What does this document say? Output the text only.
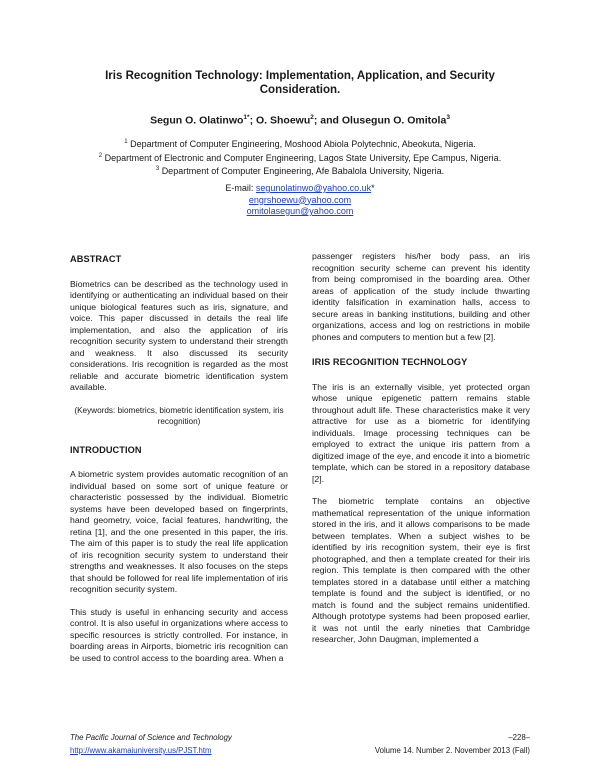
Iris Recognition Technology: Implementation, Application, and Security Consideration.
Segun O. Olatinwo$^{1*}$; O. Shoewu$^2$; and Olusegun O. Omitola$^3$
$^1$ Department of Computer Engineering, Moshood Abiola Polytechnic, Abeokuta, Nigeria.
$^2$ Department of Electronic and Computer Engineering, Lagos State University, Epe Campus, Nigeria.
$^3$ Department of Computer Engineering, Afe Babalola University, Nigeria.
E-mail: segunolatinwo@yahoo.co.uk*
engrshoewu@yahoo.com
omitolasegun@yahoo.com
ABSTRACT

Biometrics can be described as the technology used in identifying or authenticating an individual based on their unique biological features such as iris, signature, and voice. This paper discussed in details the real life implementation, and also the application of iris recognition security system to understand their strength and weakness. It also discussed its security considerations. Iris recognition is regarded as the most reliable and accurate biometric identification system available.

(Keywords: biometrics, biometric identification system, iris recognition)
INTRODUCTION

A biometric system provides automatic recognition of an individual based on some sort of unique feature or characteristic possessed by the individual. Biometric systems have been developed based on fingerprints, hand geometry, voice, facial features, handwriting, the retina [1], and the one presented in this paper, the iris. The aim of this paper is to study the real life application of iris recognition security system to understand their strengths and weaknesses. It also focuses on the steps that should be followed for real life implementation of iris recognition security system.

This study is useful in enhancing security and access control. It is also useful in organizations where access to specific resources is strictly controlled. For instance, in boarding areas in Airports, biometric iris recognition can be used to control access to the boarding area. When a

passenger registers his/her body pass, an iris recognition security scheme can prevent his identity from being compromised in the boarding area. Other areas of application of the study include thwarting identity falsification in examination halls, access to secure areas in banking institutions, building and other organizations, access and log on restrictions in mobile phones and computers to mention but a few [2].

IRIS RECOGNITION TECHNOLOGY

The iris is an externally visible, yet protected organ whose unique epigenetic pattern remains stable throughout adult life. These characteristics make it very attractive for use as a biometric for identifying individuals. Image processing techniques can be employed to extract the unique iris pattern from a digitized image of the eye, and encode it into a biometric template, which can be stored in a repository database [2].

The biometric template contains an objective mathematical representation of the unique information stored in the iris, and it allows comparisons to be made between templates. When a subject wishes to be identified by iris recognition system, their eye is first photographed, and then a template created for their iris region. This template is then compared with the other templates stored in a database until either a matching template is found and the subject is identified, or no match is found and the subject remains unidentified. Although prototype systems had been proposed earlier, it was not until the early nineties that Cambridge researcher, John Daugman, implemented a

The Pacific Journal of Science and Technology	–228–
http://www.akamaiuniversity.us/PJST.htm	Volume 14. Number 2. November 2013 (Fall)
